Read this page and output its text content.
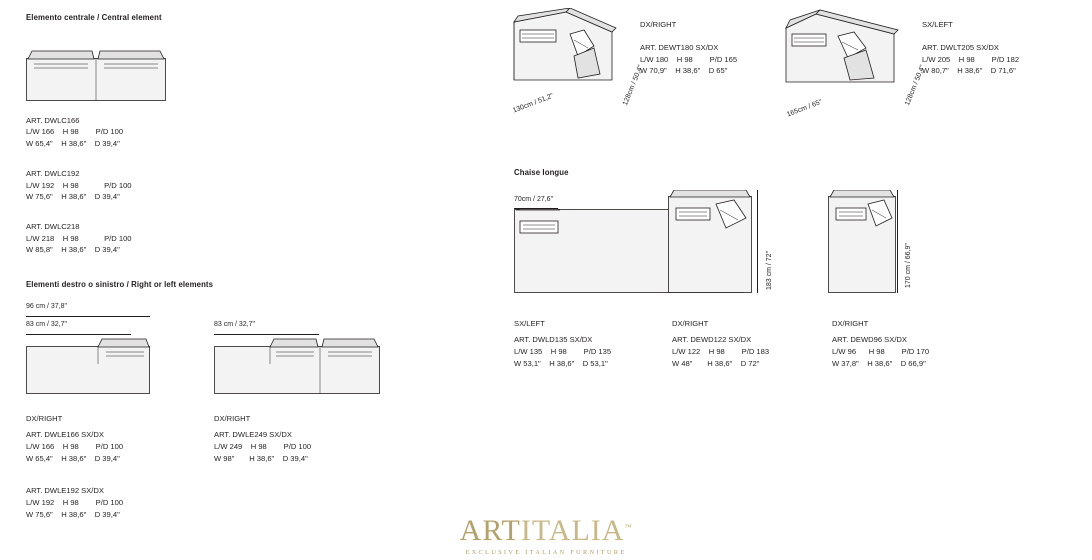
Elemento centrale / Central element
ART. DWLC166
L/W 166    H 98        P/D 100
W 65,4"    H 38,6"    D 39,4"
ART. DWLC192
L/W 192    H 98            P/D 100
W 75,6"    H 38,6"    D 39,4"
ART. DWLC218
L/W 218    H 98            P/D 100
W 85,8"    H 38,6"    D 39,4"
Elementi destro o sinistro / Right or left elements
96 cm / 37,8"
83 cm / 32,7"	83 cm / 32,7"
DX/RIGHT
ART. DWLE166 SX/DX
L/W 166    H 98        P/D 100
W 65,4"    H 38,6"    D 39,4"
ART. DWLE192 SX/DX
L/W 192    H 98        P/D 100
W 75,6"    H 38,6"    D 39,4"
DX/RIGHT
ART. DWLE249 SX/DX
L/W 249    H 98        P/D 100
W 98"       H 38,6"    D 39,4"
130cm / 51,2"	128cm / 50,4"
DX/RIGHT
ART. DEWT180 SX/DX
L/W 180    H 98        P/D 165
W 70,9"    H 38,6"    D 65"
165cm / 65"
128cm / 50,4"
SX/LEFT
ART. DWLT205 SX/DX
L/W 205    H 98        P/D 182
W 80,7"    H 38,6"    D 71,6"
Chaise longue
70cm / 27,6"
183 cm / 72"	170 cm / 66,9"
SX/LEFT
ART. DWLD135 SX/DX
L/W 135    H 98        P/D 135
W 53,1"    H 38,6"    D 53,1"
DX/RIGHT
ART. DEWD122 SX/DX
L/W 122    H 98        P/D 183
W 48"       H 38,6"    D 72"
DX/RIGHT
ART. DEWD96 SX/DX
L/W 96      H 98        P/D 170
W 37,8"    H 38,6"    D 66,9"
ARTITALIA™
EXCLUSIVE ITALIAN FURNITURE
